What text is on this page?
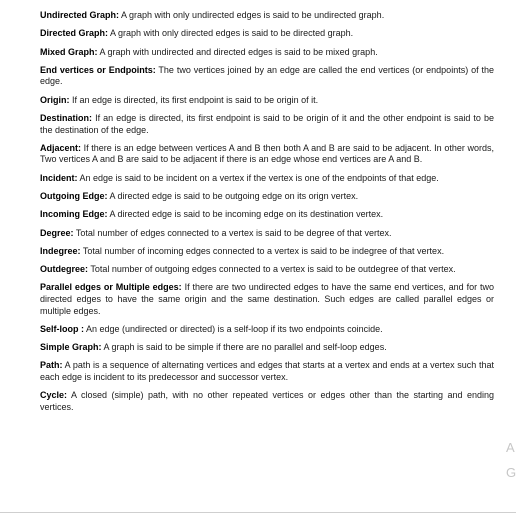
Undirected Graph: A graph with only undirected edges is said to be undirected graph.

Directed Graph: A graph with only directed edges is said to be directed graph.

Mixed Graph: A graph with undirected and directed edges is said to be mixed graph.

End vertices or Endpoints: The two vertices joined by an edge are called the end vertices (or endpoints) of the edge.

Origin: If an edge is directed, its first endpoint is said to be origin of it.

Destination: If an edge is directed, its first endpoint is said to be origin of it and the other endpoint is said to be the destination of the edge.

Adjacent: If there is an edge between vertices A and B then both A and B are said to be adjacent. In other words, Two vertices A and B are said to be adjacent if there is an edge whose end vertices are A and B.

Incident: An edge is said to be incident on a vertex if the vertex is one of the endpoints of that edge.

Outgoing Edge: A directed edge is said to be outgoing edge on its orign vertex.

Incoming Edge: A directed edge is said to be incoming edge on its destination vertex.

Degree: Total number of edges connected to a vertex is said to be degree of that vertex.

Indegree: Total number of incoming edges connected to a vertex is said to be indegree of that vertex.

Outdegree: Total number of outgoing edges connected to a vertex is said to be outdegree of that vertex.

Parallel edges or Multiple edges: If there are two undirected edges to have the same end vertices, and for two directed edges to have the same origin and the same destination. Such edges are called parallel edges or multiple edges.

Self-loop : An edge (undirected or directed) is a self-loop if its two endpoints coincide.

Simple Graph: A graph is said to be simple if there are no parallel and self-loop edges.

Path: A path is a sequence of alternating vertices and edges that starts at a vertex and ends at a vertex such that each edge is incident to its predecessor and successor vertex.

Cycle: A closed (simple) path, with no other repeated vertices or edges other than the starting and ending vertices.

A
G
